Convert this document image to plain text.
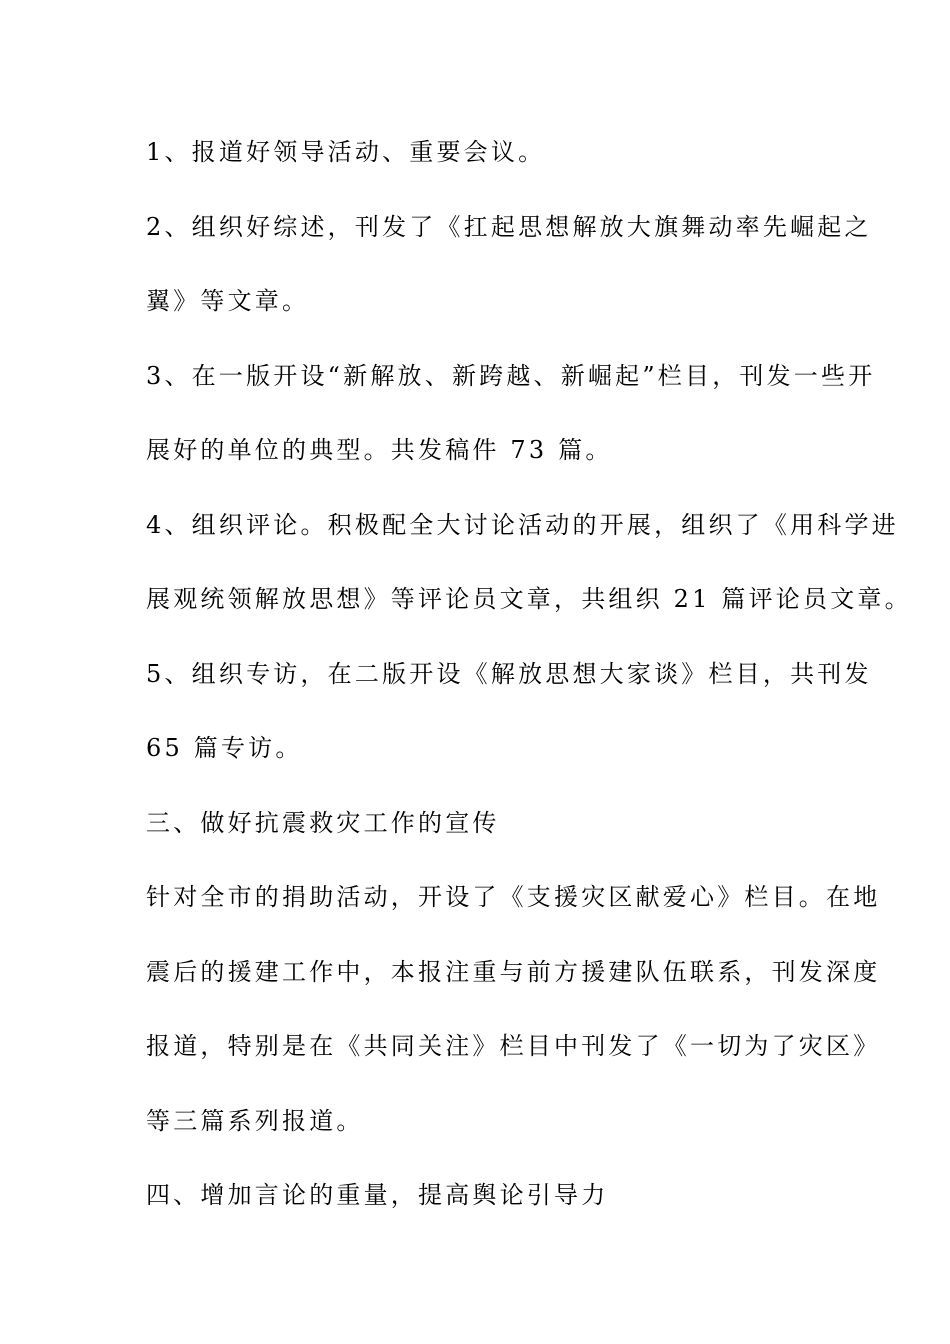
1、报道好领导活动、重要会议。
2、组织好综述，刊发了《扛起思想解放大旗舞动率先崛起之
翼》等文章。
3、在一版开设“新解放、新跨越、新崛起”栏目，刊发一些开
展好的单位的典型。共发稿件 73 篇。
4、组织评论。积极配全大讨论活动的开展，组织了《用科学进
展观统领解放思想》等评论员文章，共组织 21 篇评论员文章。
5、组织专访，在二版开设《解放思想大家谈》栏目，共刊发
65 篇专访。
三、做好抗震救灾工作的宣传
针对全市的捐助活动，开设了《支援灾区献爱心》栏目。在地
震后的援建工作中，本报注重与前方援建队伍联系，刊发深度
报道，特别是在《共同关注》栏目中刊发了《一切为了灾区》
等三篇系列报道。
四、增加言论的重量，提高舆论引导力
